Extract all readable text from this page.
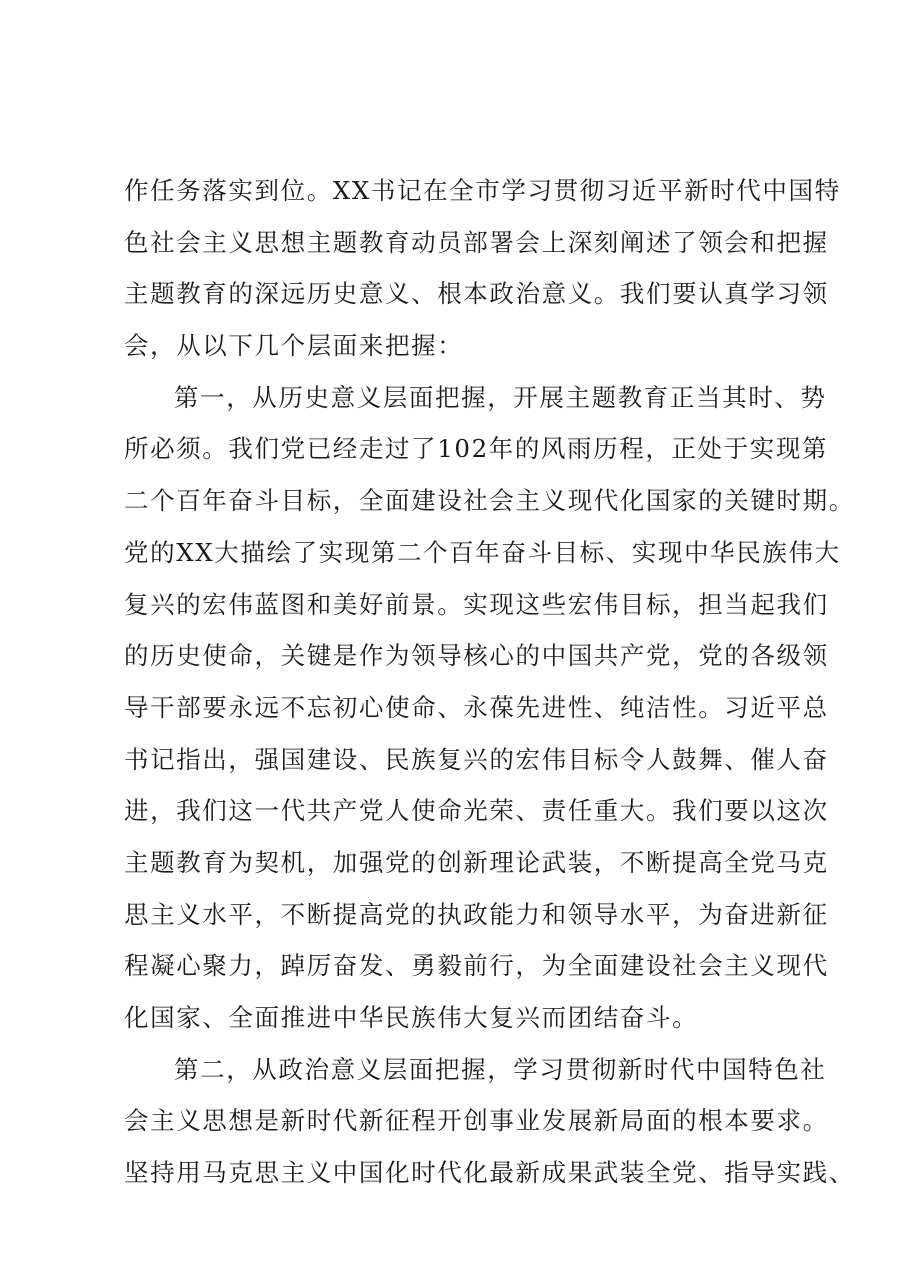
作任务落实到位。XX书记在全市学习贯彻习近平新时代中国特
色社会主义思想主题教育动员部署会上深刻阐述了领会和把握
主题教育的深远历史意义、根本政治意义。我们要认真学习领
会，从以下几个层面来把握：
第一，从历史意义层面把握，开展主题教育正当其时、势
所必须。我们党已经走过了102年的风雨历程，正处于实现第
二个百年奋斗目标，全面建设社会主义现代化国家的关键时期。
党的XX大描绘了实现第二个百年奋斗目标、实现中华民族伟大
复兴的宏伟蓝图和美好前景。实现这些宏伟目标，担当起我们
的历史使命，关键是作为领导核心的中国共产党，党的各级领
导干部要永远不忘初心使命、永葆先进性、纯洁性。习近平总
书记指出，强国建设、民族复兴的宏伟目标令人鼓舞、催人奋
进，我们这一代共产党人使命光荣、责任重大。我们要以这次
主题教育为契机，加强党的创新理论武装，不断提高全党马克
思主义水平，不断提高党的执政能力和领导水平，为奋进新征
程凝心聚力，踔厉奋发、勇毅前行，为全面建设社会主义现代
化国家、全面推进中华民族伟大复兴而团结奋斗。
第二，从政治意义层面把握，学习贯彻新时代中国特色社
会主义思想是新时代新征程开创事业发展新局面的根本要求。
坚持用马克思主义中国化时代化最新成果武装全党、指导实践、
